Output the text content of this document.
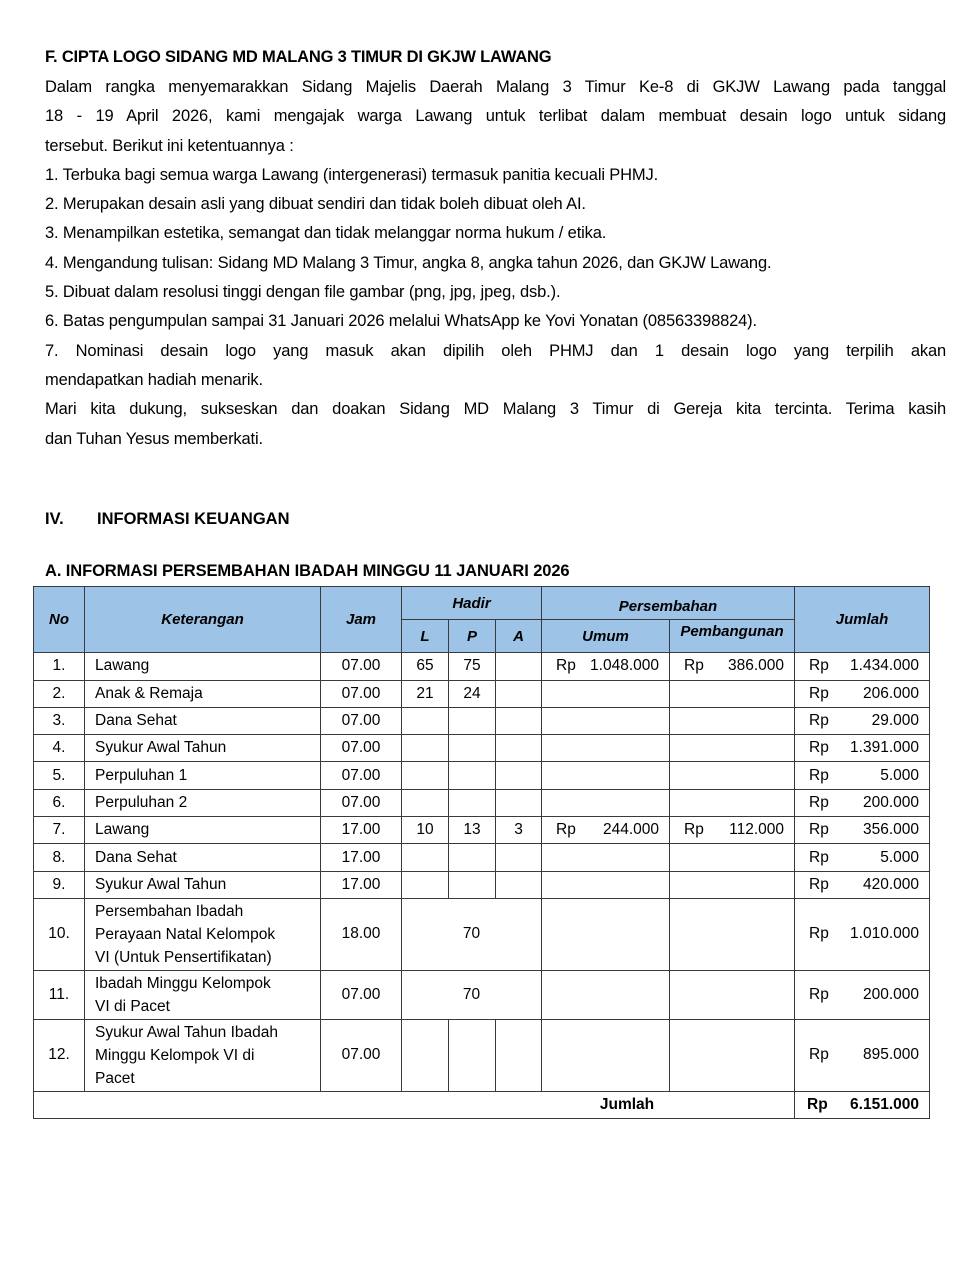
F. CIPTA LOGO SIDANG MD MALANG 3 TIMUR DI GKJW LAWANG
Dalam rangka menyemarakkan Sidang Majelis Daerah Malang 3 Timur Ke-8 di GKJW Lawang pada tanggal
18 - 19 April 2026, kami mengajak warga Lawang untuk terlibat dalam membuat desain logo untuk sidang
tersebut. Berikut ini ketentuannya :
1. Terbuka bagi semua warga Lawang (intergenerasi) termasuk panitia kecuali PHMJ.
2. Merupakan desain asli yang dibuat sendiri dan tidak boleh dibuat oleh AI.
3. Menampilkan estetika, semangat dan tidak melanggar norma hukum / etika.
4. Mengandung tulisan: Sidang MD Malang 3 Timur, angka 8, angka tahun 2026, dan GKJW Lawang.
5. Dibuat dalam resolusi tinggi dengan file gambar (png, jpg, jpeg, dsb.).
6. Batas pengumpulan sampai 31 Januari 2026 melalui WhatsApp ke Yovi Yonatan (08563398824).
7. Nominasi desain logo yang masuk akan dipilih oleh PHMJ dan 1 desain logo yang terpilih akan
mendapatkan hadiah menarik.
Mari kita dukung, sukseskan dan doakan Sidang MD Malang 3 Timur di Gereja kita tercinta. Terima kasih
dan Tuhan Yesus memberkati.
IV. INFORMASI KEUANGAN
A. INFORMASI PERSEMBAHAN IBADAH MINGGU 11 JANUARI 2026
No	Keterangan	Jam	Hadir			Persembahan		Jumlah
			L	P	A	Umum	Pembangunan	
1.	Lawang	07.00	65	75		Rp 1.048.000	Rp 386.000	Rp 1.434.000

2.	Anak & Remaja	07.00	21	24				Rp 206.000

3.	Dana Sehat	07.00						Rp 29.000

4.	Syukur Awal Tahun	07.00						Rp 1.391.000

5.	Perpuluhan 1	07.00						Rp 5.000

6.	Perpuluhan 2	07.00						Rp 200.000

7.	Lawang	17.00	10	13	3	Rp 244.000	Rp 112.000	Rp 356.000

8.	Dana Sehat	17.00						Rp 5.000

9.	Syukur Awal Tahun	17.00						Rp 420.000

10.	Persembahan Ibadah
Perayaan Natal Kelompok
VI (Untuk Pensertifikatan)	18.00	70					Rp 1.010.000

11.	Ibadah Minggu Kelompok
VI di Pacet	07.00	70					Rp 200.000

12.	Syukur Awal Tahun Ibadah
Minggu Kelompok VI di
Pacet	07.00						Rp 895.000

Jumlah								Rp 6.151.000
